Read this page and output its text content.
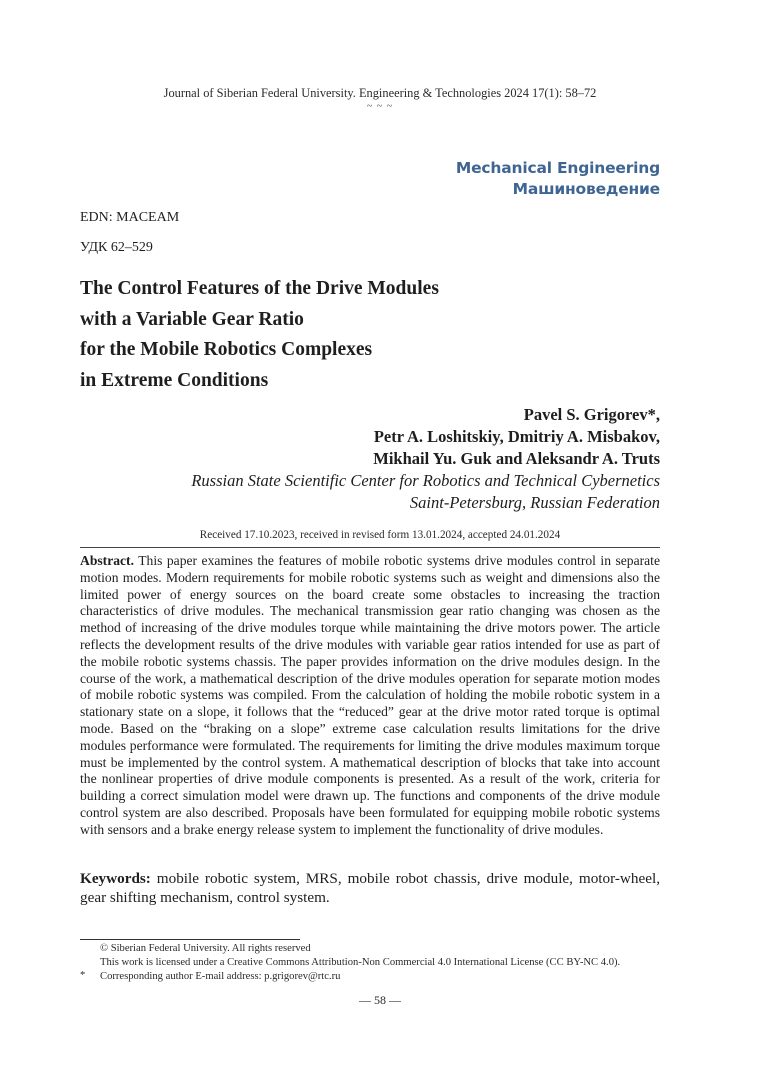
Journal of Siberian Federal University. Engineering & Technologies 2024 17(1): 58–72
~ ~ ~
Mechanical Engineering
Машиноведение
EDN: MACEAM
УДК 62–529
The Control Features of the Drive Modules
with a Variable Gear Ratio
for the Mobile Robotics Complexes
in Extreme Conditions
Pavel S. Grigorev*,
Petr A. Loshitskiy, Dmitriy A. Misbakov,
Mikhail Yu. Guk and Aleksandr A. Truts
Russian State Scientific Center for Robotics and Technical Cybernetics
Saint-Petersburg, Russian Federation
Received 17.10.2023, received in revised form 13.01.2024, accepted 24.01.2024
Abstract. This paper examines the features of mobile robotic systems drive modules control in separate motion modes. Modern requirements for mobile robotic systems such as weight and dimensions also the limited power of energy sources on the board create some obstacles to increasing the traction characteristics of drive modules. The mechanical transmission gear ratio changing was chosen as the method of increasing of the drive modules torque while maintaining the drive motors power. The article reflects the development results of the drive modules with variable gear ratios intended for use as part of the mobile robotic systems chassis. The paper provides information on the drive modules design. In the course of the work, a mathematical description of the drive modules operation for separate motion modes of mobile robotic systems was compiled. From the calculation of holding the mobile robotic system in a stationary state on a slope, it follows that the “reduced” gear at the drive motor rated torque is optimal mode. Based on the “braking on a slope” extreme case calculation results limitations for the drive modules performance were formulated. The requirements for limiting the drive modules maximum torque must be implemented by the control system. A mathematical description of blocks that take into account the nonlinear properties of drive module components is presented. As a result of the work, criteria for building a correct simulation model were drawn up. The functions and components of the drive module control system are also described. Proposals have been formulated for equipping mobile robotic systems with sensors and a brake energy release system to implement the functionality of drive modules.
Keywords: mobile robotic system, MRS, mobile robot chassis, drive module, motor-wheel, gear shifting mechanism, control system.
© Siberian Federal University. All rights reserved
This work is licensed under a Creative Commons Attribution-Non Commercial 4.0 International License (CC BY-NC 4.0).
* Corresponding author E-mail address: p.grigorev@rtc.ru
— 58 —
